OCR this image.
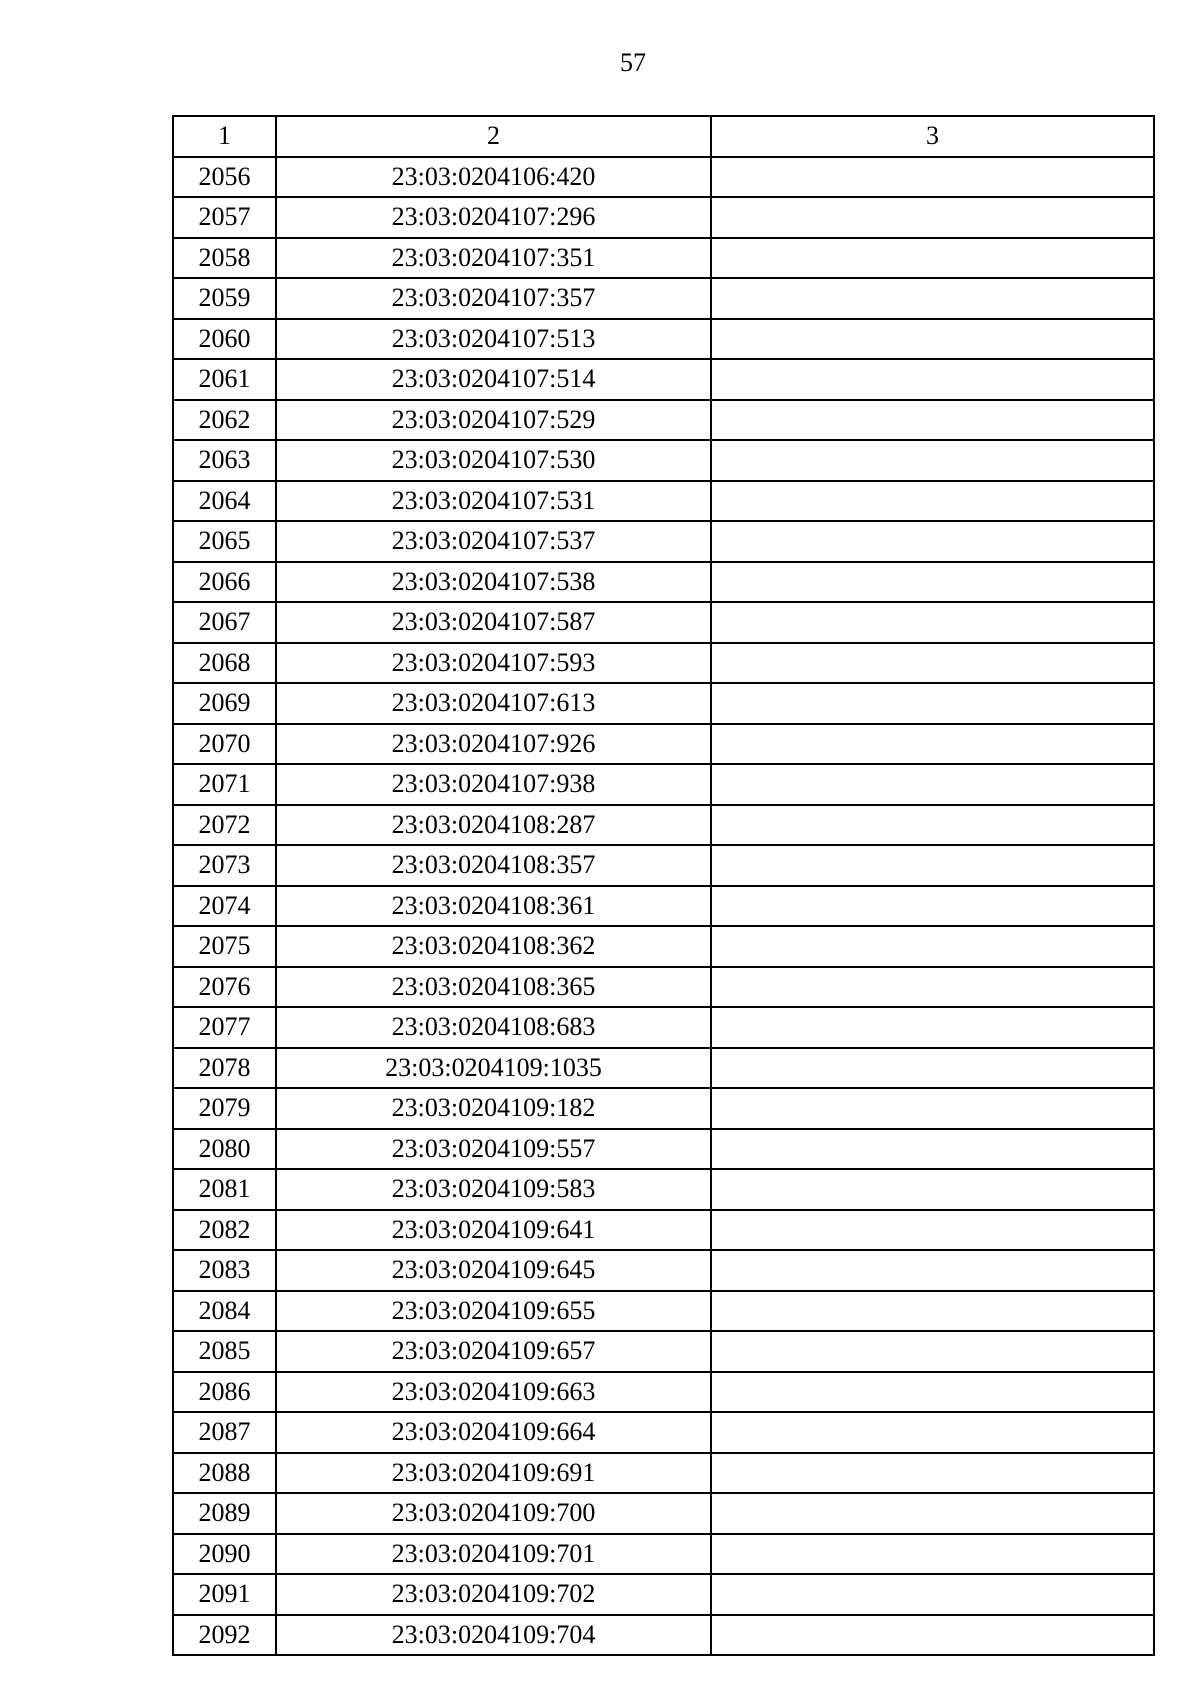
57
1	2	3
2056	23:03:0204106:420	
2057	23:03:0204107:296	
2058	23:03:0204107:351	
2059	23:03:0204107:357	
2060	23:03:0204107:513	
2061	23:03:0204107:514	
2062	23:03:0204107:529	
2063	23:03:0204107:530	
2064	23:03:0204107:531	
2065	23:03:0204107:537	
2066	23:03:0204107:538	
2067	23:03:0204107:587	
2068	23:03:0204107:593	
2069	23:03:0204107:613	
2070	23:03:0204107:926	
2071	23:03:0204107:938	
2072	23:03:0204108:287	
2073	23:03:0204108:357	
2074	23:03:0204108:361	
2075	23:03:0204108:362	
2076	23:03:0204108:365	
2077	23:03:0204108:683	
2078	23:03:0204109:1035	
2079	23:03:0204109:182	
2080	23:03:0204109:557	
2081	23:03:0204109:583	
2082	23:03:0204109:641	
2083	23:03:0204109:645	
2084	23:03:0204109:655	
2085	23:03:0204109:657	
2086	23:03:0204109:663	
2087	23:03:0204109:664	
2088	23:03:0204109:691	
2089	23:03:0204109:700	
2090	23:03:0204109:701	
2091	23:03:0204109:702	
2092	23:03:0204109:704	
